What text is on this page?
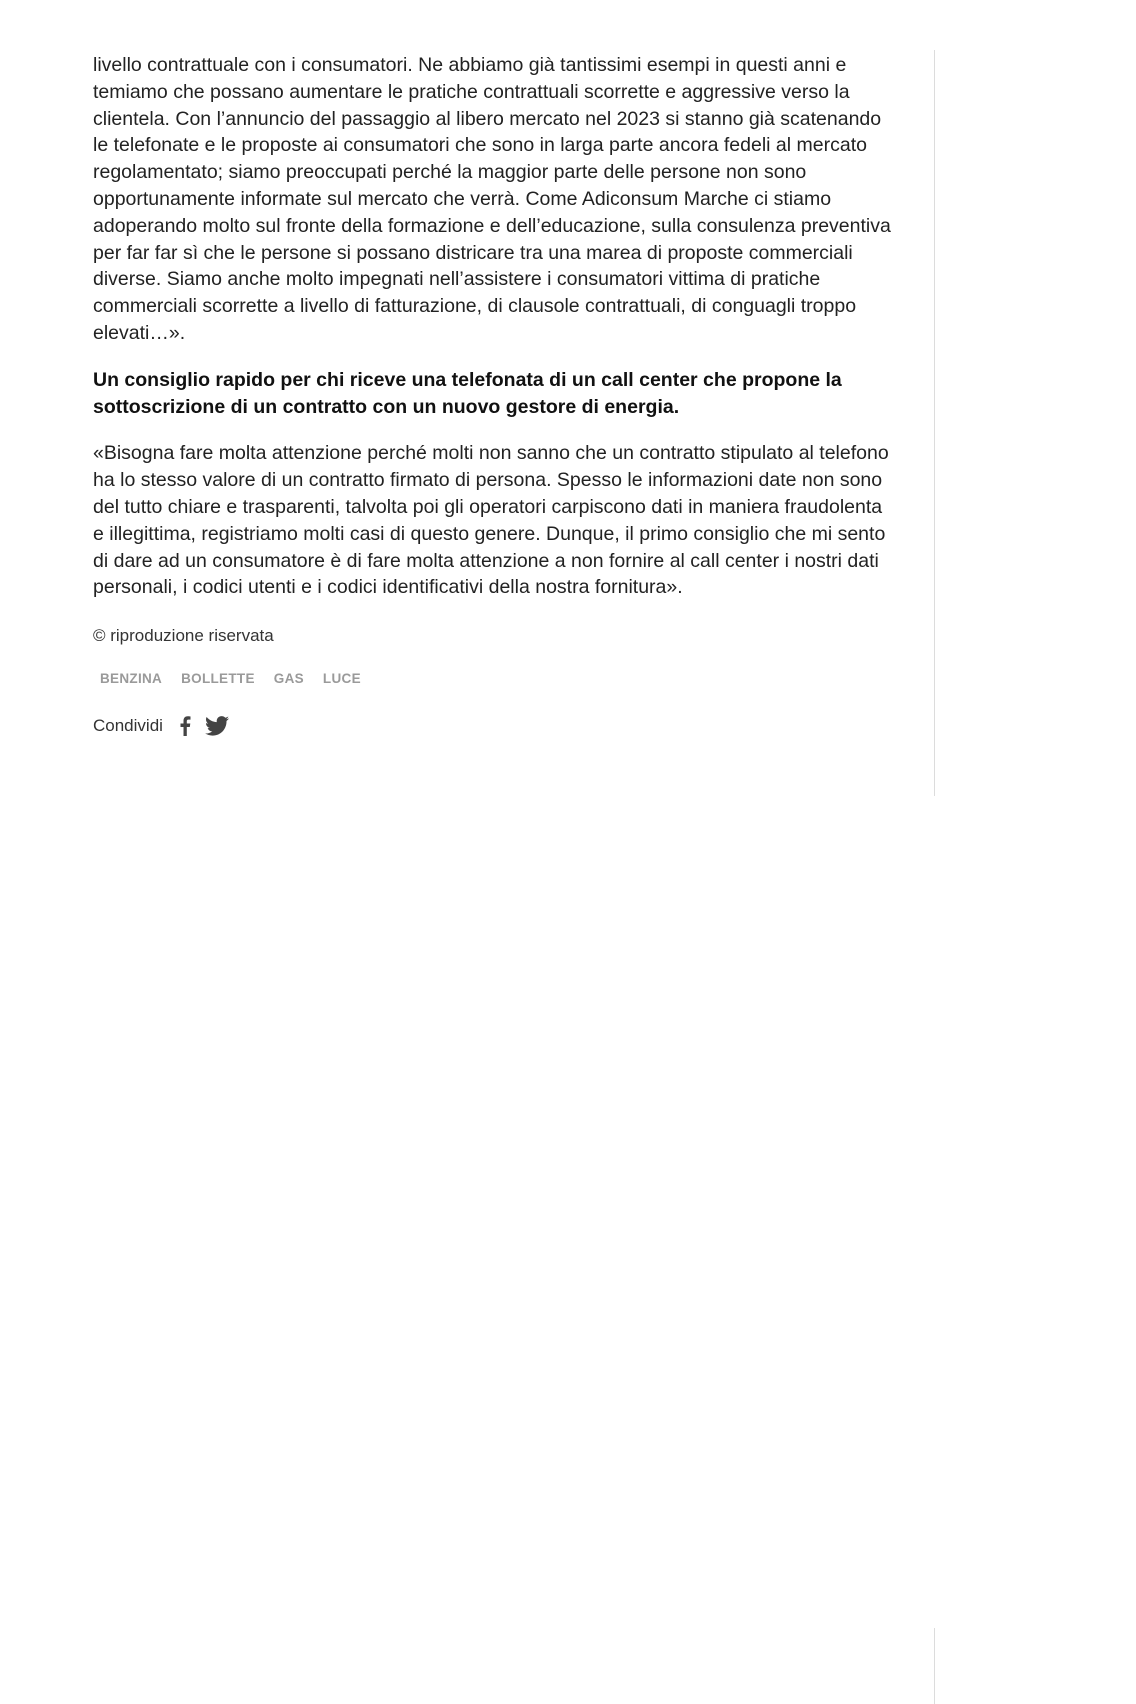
livello contrattuale con i consumatori. Ne abbiamo già tantissimi esempi in questi anni e temiamo che possano aumentare le pratiche contrattuali scorrette e aggressive verso la clientela. Con l’annuncio del passaggio al libero mercato nel 2023 si stanno già scatenando le telefonate e le proposte ai consumatori che sono in larga parte ancora fedeli al mercato regolamentato; siamo preoccupati perché la maggior parte delle persone non sono opportunamente informate sul mercato che verrà. Come Adiconsum Marche ci stiamo adoperando molto sul fronte della formazione e dell’educazione, sulla consulenza preventiva per far far sì che le persone si possano districare tra una marea di proposte commerciali diverse. Siamo anche molto impegnati nell’assistere i consumatori vittima di pratiche commerciali scorrette a livello di fatturazione, di clausole contrattuali, di conguagli troppo elevati…».

Un consiglio rapido per chi riceve una telefonata di un call center che propone la sottoscrizione di un contratto con un nuovo gestore di energia.

«Bisogna fare molta attenzione perché molti non sanno che un contratto stipulato al telefono ha lo stesso valore di un contratto firmato di persona. Spesso le informazioni date non sono del tutto chiare e trasparenti, talvolta poi gli operatori carpiscono dati in maniera fraudolenta e illegittima, registriamo molti casi di questo genere. Dunque, il primo consiglio che mi sento di dare ad un consumatore è di fare molta attenzione a non fornire al call center i nostri dati personali, i codici utenti e i codici identificativi della nostra fornitura».

© riproduzione riservata
BENZINA BOLLETTE GAS LUCE
Condividi
